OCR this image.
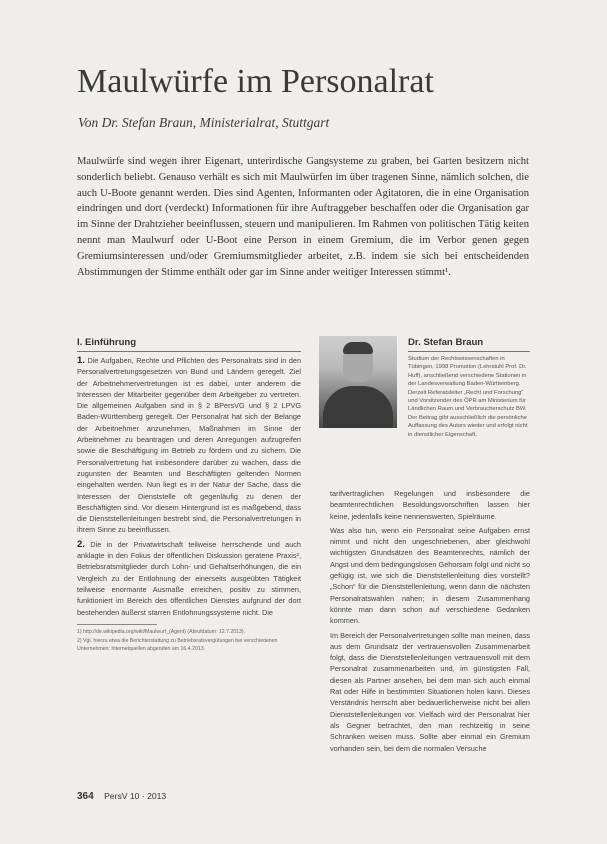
Maulwürfe im Personalrat
Von Dr. Stefan Braun, Ministerialrat, Stuttgart

Maulwürfe sind wegen ihrer Eigenart, unterirdische Gangsysteme zu graben, bei Garten besitzern nicht sonderlich beliebt. Genauso verhält es sich mit Maulwürfen im über tragenen Sinne, nämlich solchen, die auch U-Boote genannt werden. Dies sind Agenten, Informanten oder Agitatoren, die in eine Organisation eindringen und dort (verdeckt) Informationen für ihre Auftraggeber beschaffen oder die Organisation gar im Sinne der Drahtzieher beeinflussen, steuern und manipulieren. Im Rahmen von politischen Tätig keiten nennt man Maulwurf oder U-Boot eine Person in einem Gremium, die im Verbor genen gegen Gremiumsinteressen und/oder Gremiumsmitglieder arbeitet, z.B. indem sie sich bei entscheidenden Abstimmungen der Stimme enthält oder gar im Sinne ander weitiger Interessen stimmt¹.

I. Einführung

1. Die Aufgaben, Rechte und Pflichten des Personalrats sind in den Personalvertretungsgesetzen von Bund und Ländern geregelt. Ziel der Arbeitnehmervertretungen ist es dabei, unter anderem die Interessen der Mitarbeiter gegenüber dem Arbeitgeber zu vertreten. Die allgemeinen Aufgaben sind in § 2 BPersVG und § 2 LPVG Baden-Württemberg geregelt. Der Personalrat hat sich der Belange der Arbeitnehmer anzunehmen, Maßnahmen im Sinne der Arbeitnehmer zu beantragen und deren Anregungen aufzugreifen sowie die Beschäftigung im Betrieb zu fördern und zu sichern. Die Personalvertretung hat insbesondere darüber zu wachen, dass die zugunsten der Beamten und Beschäftigten geltenden Normen eingehalten werden. Nun liegt es in der Natur der Sache, dass die Interessen der Dienststelle oft gegenläufig zu denen der Beschäftigten sind. Vor diesem Hintergrund ist es maßgebend, dass die Dienststellenleitungen bestrebt sind, die Personalvertretungen in ihrem Sinne zu beeinflussen.

2. Die in der Privatwirtschaft teilweise herrschende und auch anklagte in den Fokus der öffentlichen Diskussion geratene Praxis², Betriebsratsmitglieder durch Lohn- und Gehaltserhöhungen, die ein Vergleich zu der Entlohnung der einerseits ausgeübten Tätigkeit teilweise enormante Ausmaße erreichen, positiv zu stimmen, funktioniert im Bereich des öffentlichen Dienstes aufgrund der dort bestehenden äußerst starren Entlohnungssysteme nicht. Die

1) http://de.wikipedia.org/wiki/Maulwurf_(Agent) (Abrufdatum: 12.7.2013).

2) Vgl. hierzu etwa die Berichterstattung zu Betriebsratsvergütungen bei verschiedenen Unternehmen; Internetquellen abgerufen am 16.4.2013.

Dr. Stefan Braun

Studium der Rechtswissenschaften in Tübingen, 1998 Promotion (Lehrstuhl Prof. Dr. Huff), anschließend verschiedene Stationen in der Landesverwaltung Baden-Württemberg. Derzeit Referatsleiter „Recht und Forschung“ und Vorsitzender des ÖPR am Ministerium für Ländlichen Raum und Verbraucherschutz BW. Der Beitrag gibt ausschließlich die persönliche Auffassung des Autors wieder und erfolgt nicht in dienstlicher Eigenschaft.

tarifvertraglichen Regelungen und insbesondere die beamtenrechtlichen Besoldungsvorschriften lassen hier keine, jedenfalls keine nennenswerten, Spielräume.

Was also tun, wenn ein Personalrat seine Aufgaben ernst nimmt und nicht den ungeschriebenen, aber gleichwohl wichtigsten Grundsätzen des Beamtenrechts, nämlich der Angst und dem bedingungslosen Gehorsam folgt und nicht so gefügig ist, wie sich die Dienststellenleitung dies vorstellt? „Schon“ für die Dienststellenleitung, wenn dann die nächsten Personalratswahlen nahen; in diesem Zusammenhang könnte man dann schon auf verschiedene Gedanken kommen.

Im Bereich der Personalvertretungen sollte man meinen, dass aus dem Grundsatz der vertrauensvollen Zusammenarbeit folgt, dass die Dienststellenleitungen vertrauensvoll mit dem Personalrat zusammenarbeiten und, im günstigsten Fall, diesen als Partner ansehen, bei dem man sich auch einmal Rat oder Hilfe in bestimmten Situationen holen kann. Dieses Verständnis herrscht aber bedauerlicherweise nicht bei allen Dienststellenleitungen vor. Vielfach wird der Personalrat hier als Gegner betrachtet, den man rechtzeitig in seine Schranken weisen muss. Sollte aber einmal ein Gremium vorhanden sein, bei dem die normalen Versuche

364 PersV 10 · 2013
